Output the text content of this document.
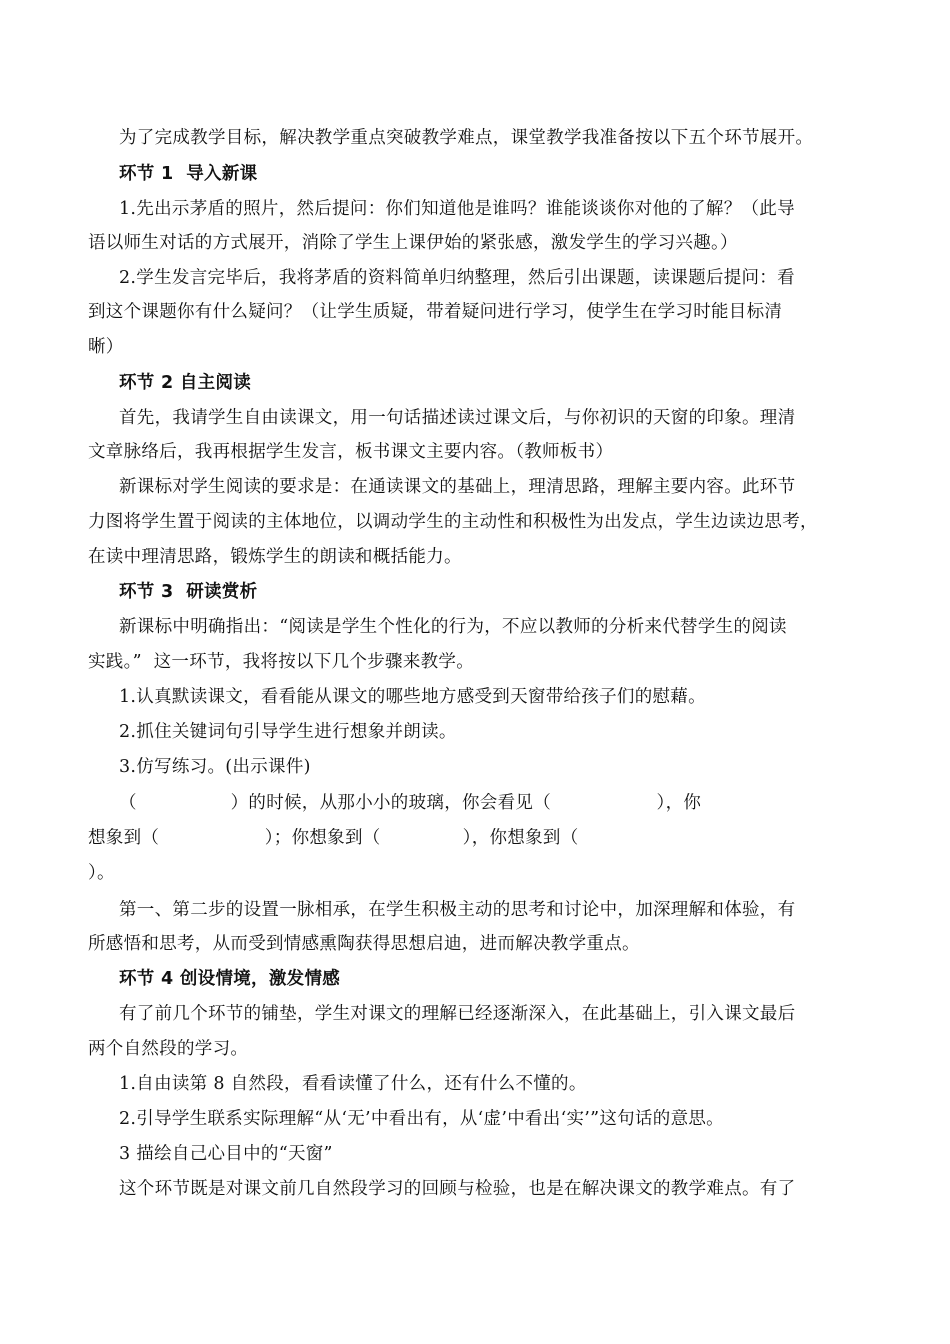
为了完成教学目标，解决教学重点突破教学难点，课堂教学我准备按以下五个环节展开。
环节 1  导入新课
1.先出示茅盾的照片，然后提问：你们知道他是谁吗？谁能谈谈你对他的了解？（此导
语以师生对话的方式展开，消除了学生上课伊始的紧张感，激发学生的学习兴趣。）
2.学生发言完毕后，我将茅盾的资料简单归纳整理，然后引出课题，读课题后提问：看
到这个课题你有什么疑问？（让学生质疑，带着疑问进行学习，使学生在学习时能目标清
晰）
环节 2 自主阅读
首先，我请学生自由读课文，用一句话描述读过课文后，与你初识的天窗的印象。理清
文章脉络后，我再根据学生发言，板书课文主要内容。（教师板书）
新课标对学生阅读的要求是：在通读课文的基础上，理清思路，理解主要内容。此环节
力图将学生置于阅读的主体地位，以调动学生的主动性和积极性为出发点，学生边读边思考，
在读中理清思路，锻炼学生的朗读和概括能力。
环节 3  研读赏析
新课标中明确指出：“阅读是学生个性化的行为，不应以教师的分析来代替学生的阅读
实践。”  这一环节，我将按以下几个步骤来教学。
1.认真默读课文，看看能从课文的哪些地方感受到天窗带给孩子们的慰藉。
2.抓住关键词句引导学生进行想象并朗读。
3.仿写练习。(出示课件)
（                ）的时候，从那小小的玻璃，你会看见（                  ），你
想象到（                  ）；你想象到（              ），你想象到（
）。
第一、第二步的设置一脉相承，在学生积极主动的思考和讨论中，加深理解和体验，有
所感悟和思考，从而受到情感熏陶获得思想启迪，进而解决教学重点。
环节 4 创设情境，激发情感
有了前几个环节的铺垫，学生对课文的理解已经逐渐深入，在此基础上，引入课文最后
两个自然段的学习。
1.自由读第 8 自然段，看看读懂了什么，还有什么不懂的。
2.引导学生联系实际理解“从‘无’中看出有，从‘虚’中看出‘实’”这句话的意思。
3 描绘自己心目中的“天窗”
这个环节既是对课文前几自然段学习的回顾与检验，也是在解决课文的教学难点。有了
